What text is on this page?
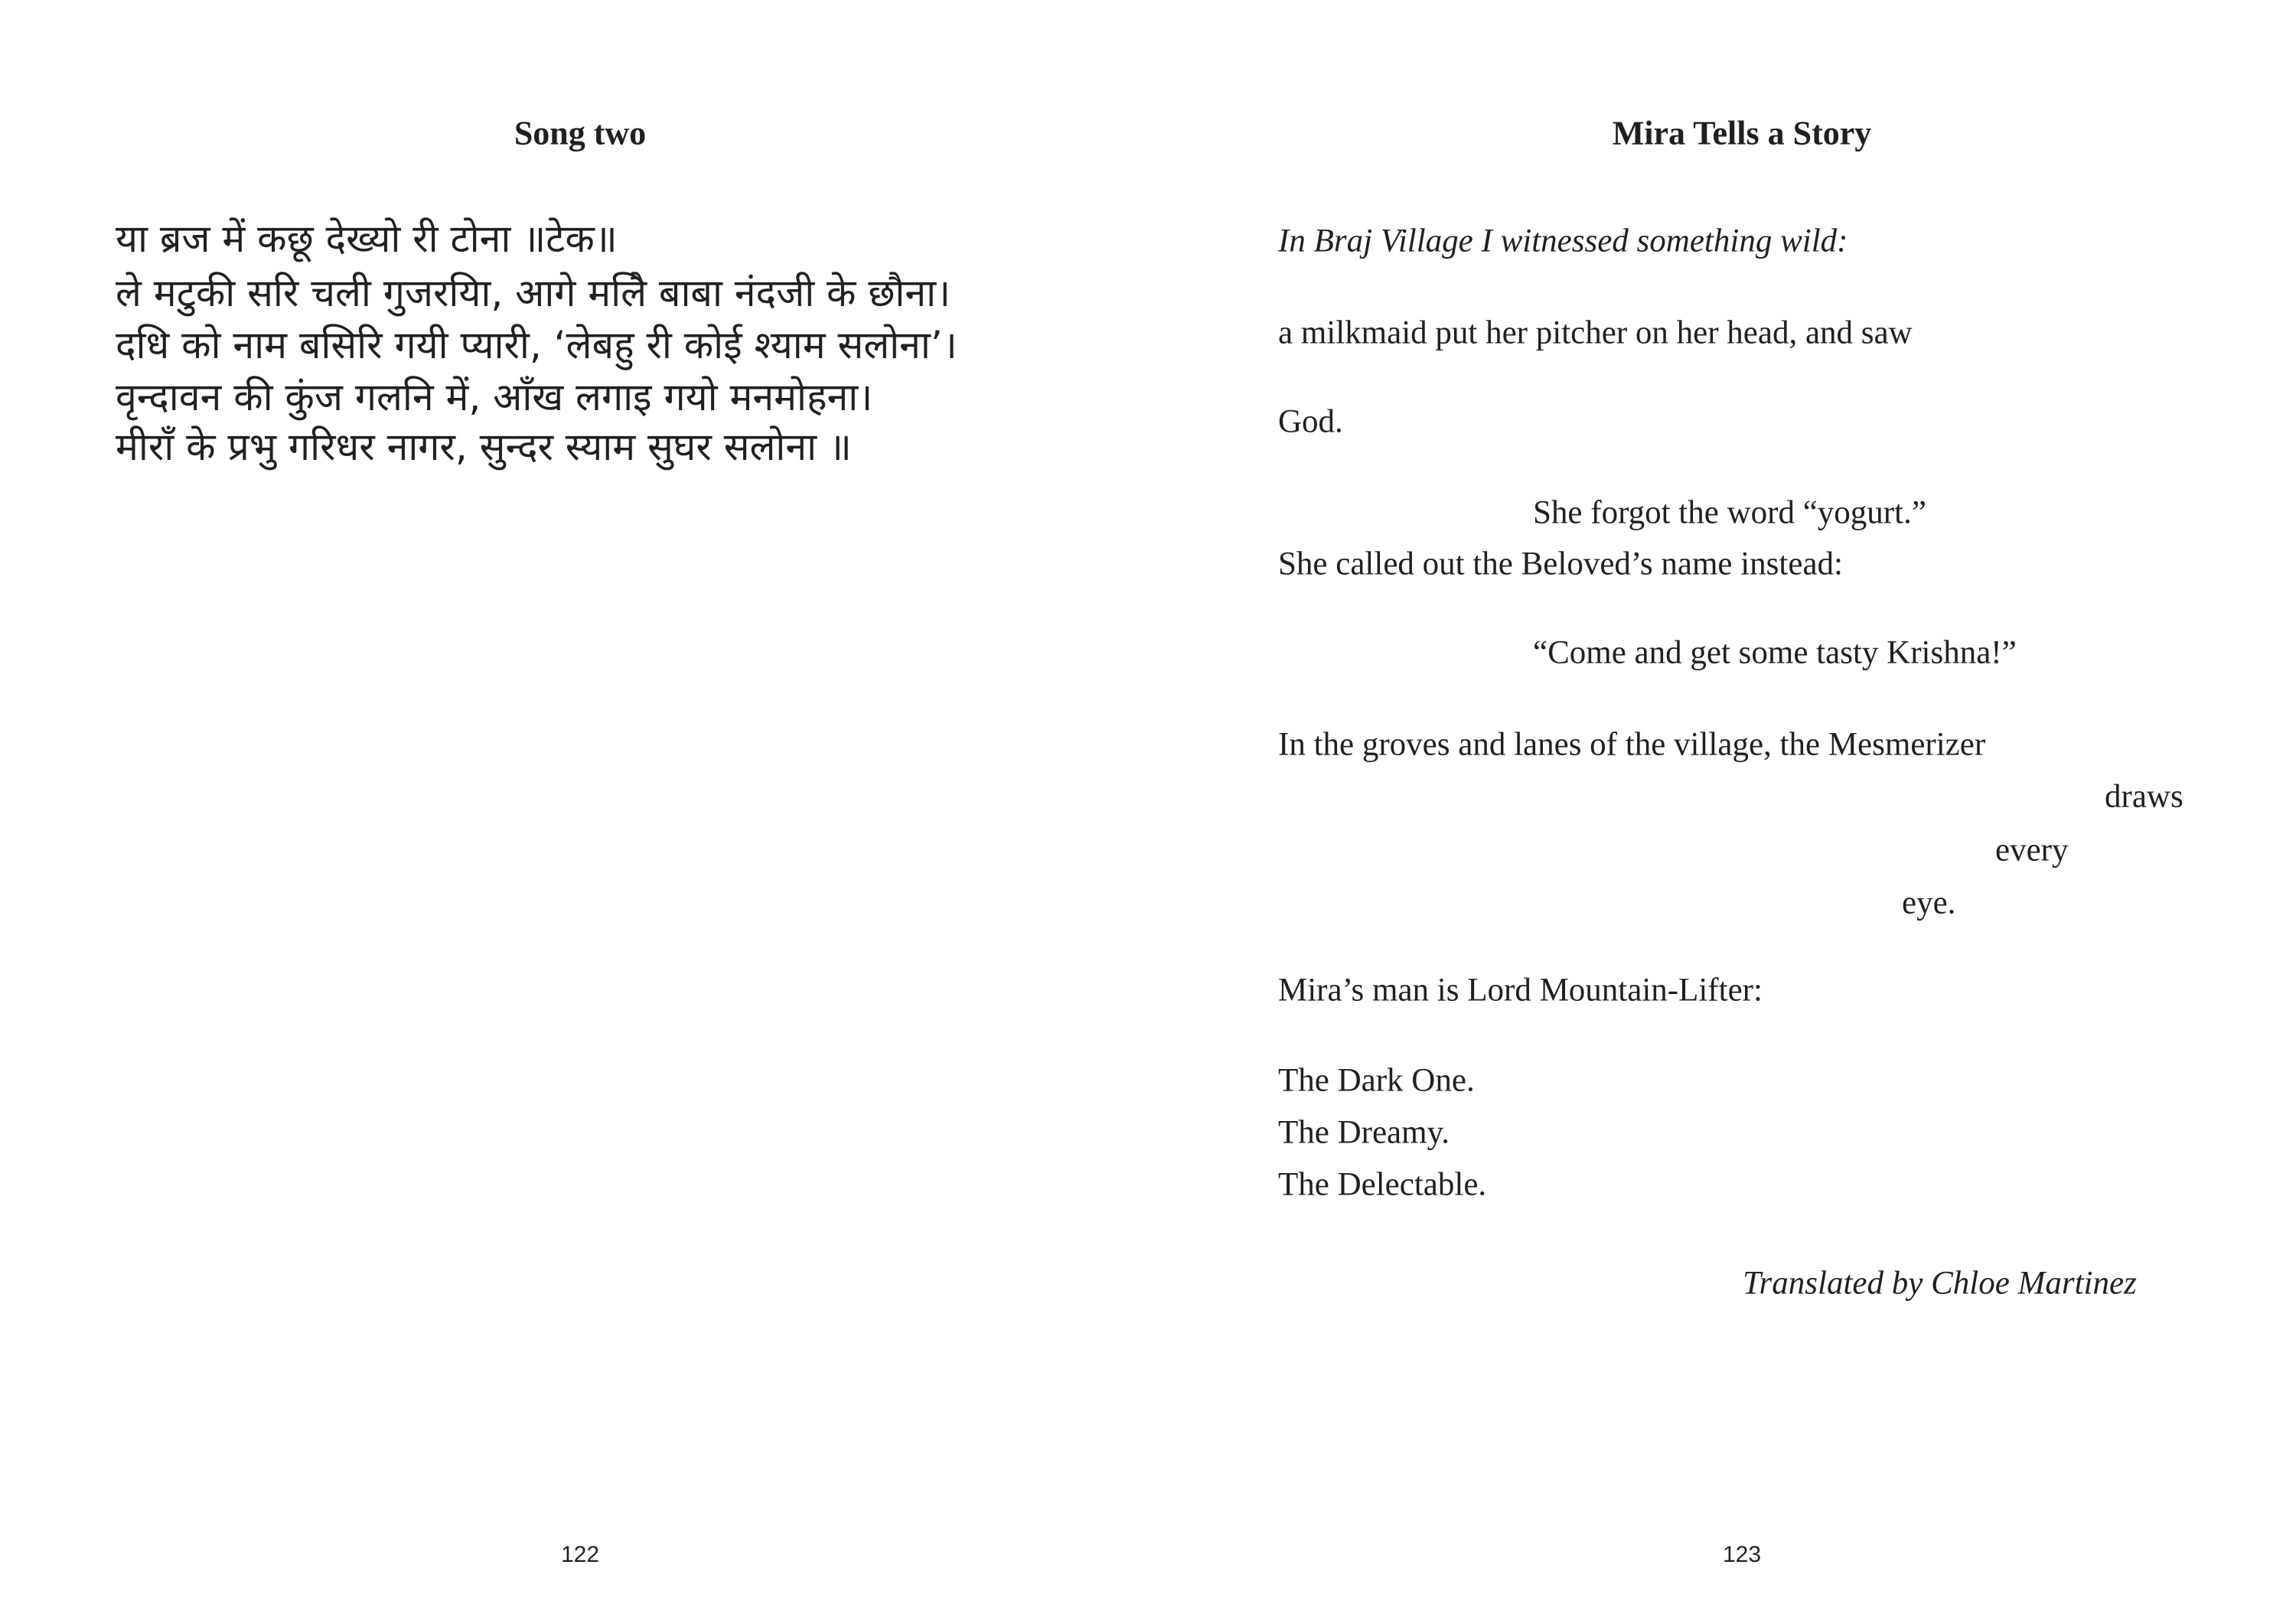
Song two
या ब्रज में कछू देख्यो री टोना ॥टेक॥
ले मटुकी सरि चली गुजरयि‍ा, आगे मलिै बाबा नंदजी के छौना।
दधि को नाम बसिरि गयी प्यारी, ‘लेबहु री कोई श्याम सलोना’।
वृन्दावन की कुंज गलनि में, आँख लगाइ गयो मनमोहना।
मीराँ के प्रभु गरिधर नागर, सुन्दर स्याम सुघर सलोना ॥
122
Mira Tells a Story
In Braj Village I witnessed something wild:
a milkmaid put her pitcher on her head, and saw
God.
She forgot the word “yogurt.”
She called out the Beloved’s name instead:
“Come and get some tasty Krishna!”
In the groves and lanes of the village, the Mesmerizer
draws
every
eye.
Mira’s man is Lord Mountain-Lifter:
The Dark One.
The Dreamy.
The Delectable.
Translated by Chloe Martinez
123
